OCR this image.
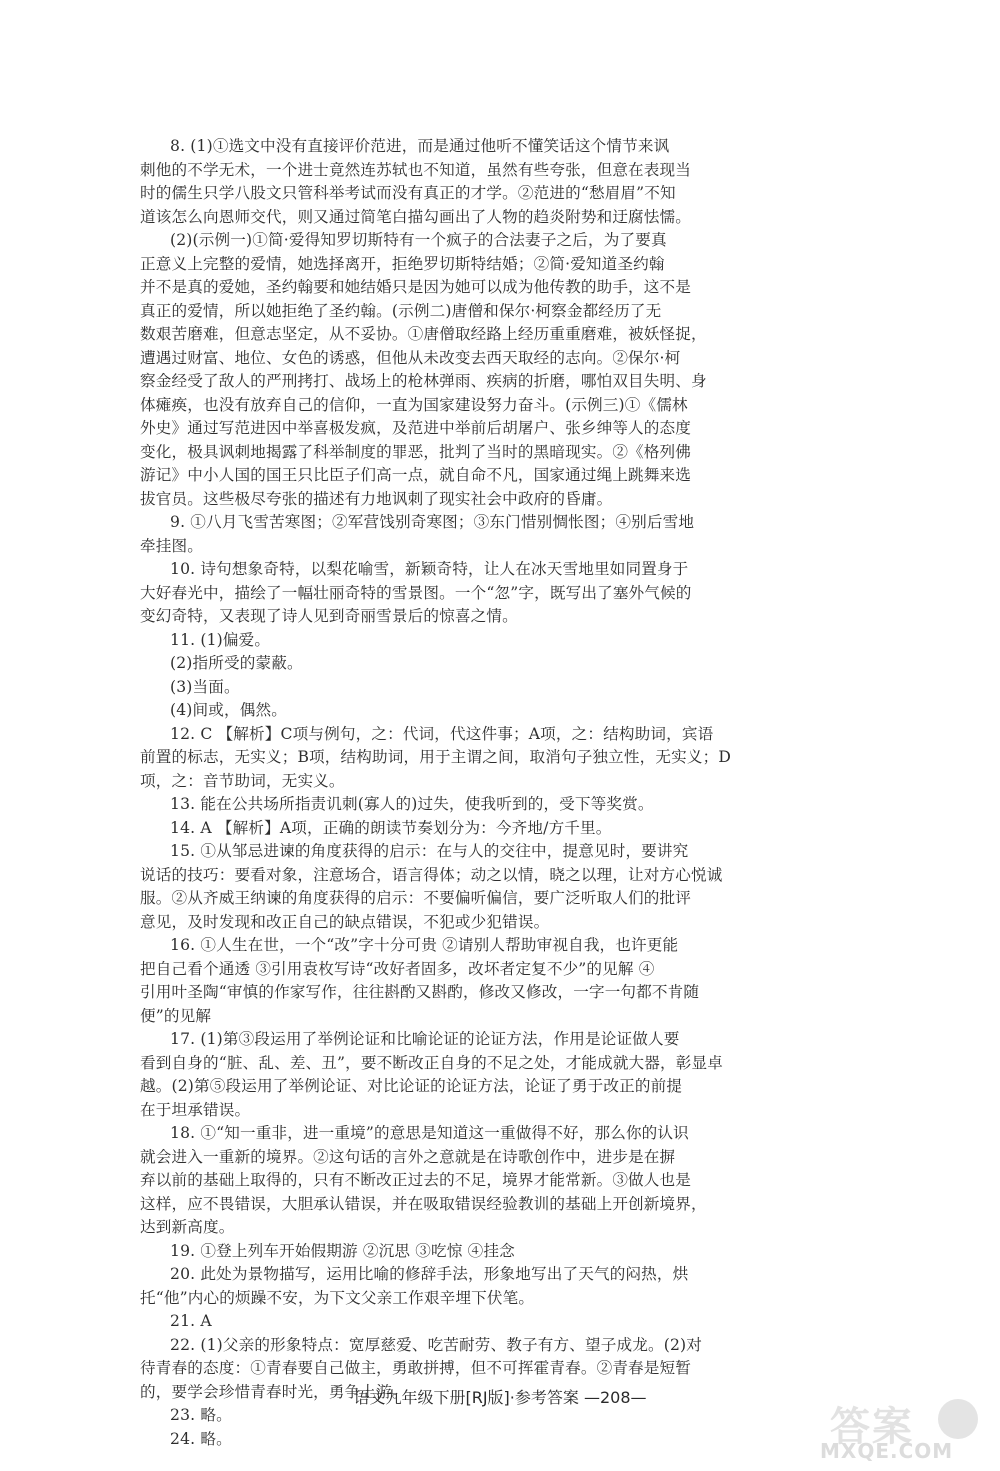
8. (1)①选文中没有直接评价范进，而是通过他听不懂笑话这个情节来讽
刺他的不学无术，一个进士竟然连苏轼也不知道，虽然有些夸张，但意在表现当
时的儒生只学八股文只管科举考试而没有真正的才学。②范进的“愁眉眉”不知
道该怎么向恩师交代，则又通过简笔白描勾画出了人物的趋炎附势和迂腐怯懦。
(2)(示例一)①简·爱得知罗切斯特有一个疯子的合法妻子之后，为了要真
正意义上完整的爱情，她选择离开，拒绝罗切斯特结婚；②简·爱知道圣约翰
并不是真的爱她，圣约翰要和她结婚只是因为她可以成为他传教的助手，这不是
真正的爱情，所以她拒绝了圣约翰。(示例二)唐僧和保尔·柯察金都经历了无
数艰苦磨难，但意志坚定，从不妥协。①唐僧取经路上经历重重磨难，被妖怪捉，
遭遇过财富、地位、女色的诱惑，但他从未改变去西天取经的志向。②保尔·柯
察金经受了敌人的严刑拷打、战场上的枪林弹雨、疾病的折磨，哪怕双目失明、身
体瘫痪，也没有放弃自己的信仰，一直为国家建设努力奋斗。(示例三)①《儒林
外史》通过写范进因中举喜极发疯，及范进中举前后胡屠户、张乡绅等人的态度
变化，极具讽刺地揭露了科举制度的罪恶，批判了当时的黑暗现实。②《格列佛
游记》中小人国的国王只比臣子们高一点，就自命不凡，国家通过绳上跳舞来选
拔官员。这些极尽夸张的描述有力地讽刺了现实社会中政府的昏庸。
9. ①八月飞雪苦寒图；②军营饯别奇寒图；③东门惜别惆怅图；④别后雪地
牵挂图。
10. 诗句想象奇特，以梨花喻雪，新颖奇特，让人在冰天雪地里如同置身于
大好春光中，描绘了一幅壮丽奇特的雪景图。一个“忽”字，既写出了塞外气候的
变幻奇特，又表现了诗人见到奇丽雪景后的惊喜之情。
11. (1)偏爱。
(2)指所受的蒙蔽。
(3)当面。
(4)间或，偶然。
12. C 【解析】C项与例句，之：代词，代这件事；A项，之：结构助词，宾语
前置的标志，无实义；B项，结构助词，用于主谓之间，取消句子独立性，无实义；D
项，之：音节助词，无实义。
13. 能在公共场所指责讥刺(寡人的)过失，使我听到的，受下等奖赏。
14. A 【解析】A项，正确的朗读节奏划分为：今齐地/方千里。
15. ①从邹忌进谏的角度获得的启示：在与人的交往中，提意见时，要讲究
说话的技巧：要看对象，注意场合，语言得体；动之以情，晓之以理，让对方心悦诚
服。②从齐威王纳谏的角度获得的启示：不要偏听偏信，要广泛听取人们的批评
意见，及时发现和改正自己的缺点错误，不犯或少犯错误。
16. ①人生在世，一个“改”字十分可贵 ②请别人帮助审视自我，也许更能
把自己看个通透 ③引用袁枚写诗“改好者固多，改坏者定复不少”的见解 ④
引用叶圣陶“审慎的作家写作，往往斟酌又斟酌，修改又修改，一字一句都不肯随
便”的见解
17. (1)第③段运用了举例论证和比喻论证的论证方法，作用是论证做人要
看到自身的“脏、乱、差、丑”，要不断改正自身的不足之处，才能成就大器，彰显卓
越。(2)第⑤段运用了举例论证、对比论证的论证方法，论证了勇于改正的前提
在于坦承错误。
18. ①“知一重非，进一重境”的意思是知道这一重做得不好，那么你的认识
就会进入一重新的境界。②这句话的言外之意就是在诗歌创作中，进步是在摒
弃以前的基础上取得的，只有不断改正过去的不足，境界才能常新。③做人也是
这样，应不畏错误，大胆承认错误，并在吸取错误经验教训的基础上开创新境界，
达到新高度。
19. ①登上列车开始假期游 ②沉思 ③吃惊 ④挂念
20. 此处为景物描写，运用比喻的修辞手法，形象地写出了天气的闷热，烘
托“他”内心的烦躁不安，为下文父亲工作艰辛埋下伏笔。
21. A
22. (1)父亲的形象特点：宽厚慈爱、吃苦耐劳、教子有方、望子成龙。(2)对
待青春的态度：①青春要自己做主，勇敢拼搏，但不可挥霍青春。②青春是短暂
的，要学会珍惜青春时光，勇争上游。
23. 略。
24. 略。
语文九年级下册[RJ版]·参考答案 —208—
答案
MXQE.COM
